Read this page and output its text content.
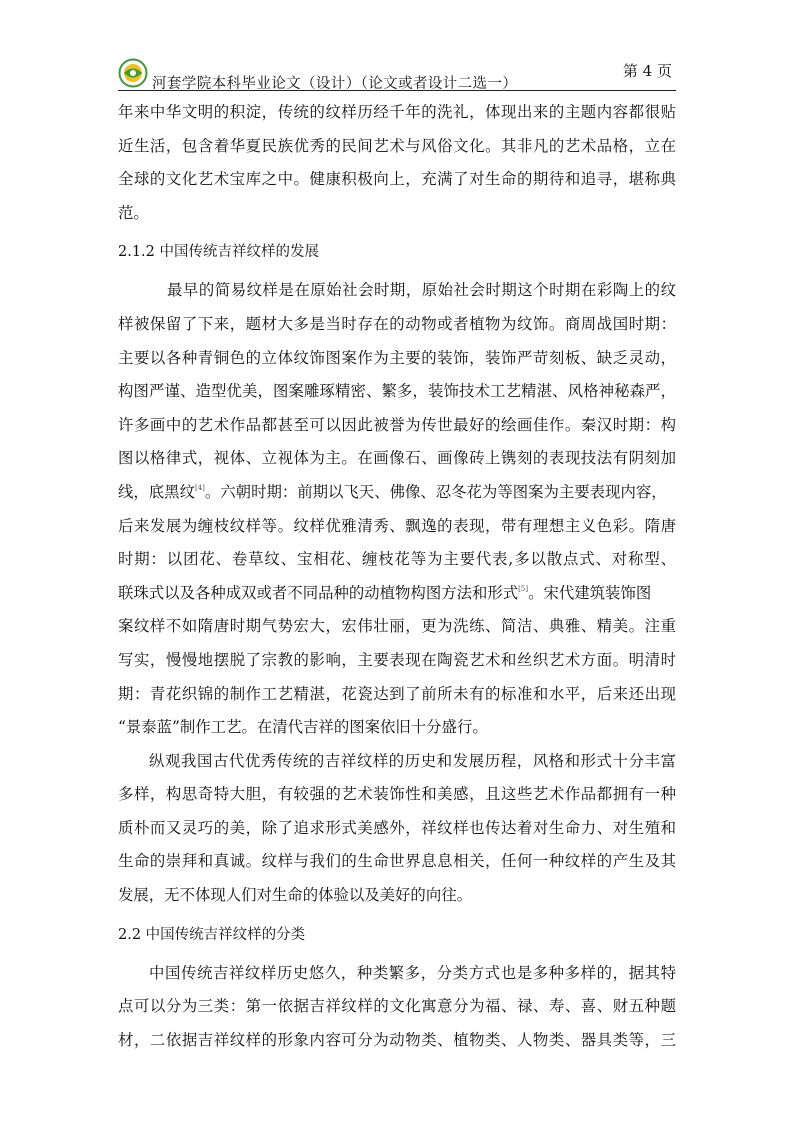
河套学院本科毕业论文（设计）（论文或者设计二选一）
第 4 页
年来中华文明的积淀，传统的纹样历经千年的洗礼，体现出来的主题内容都很贴
近生活，包含着华夏民族优秀的民间艺术与风俗文化。其非凡的艺术品格，立在
全球的文化艺术宝库之中。健康积极向上，充满了对生命的期待和追寻，堪称典
范。
2.1.2 中国传统吉祥纹样的发展
最早的简易纹样是在原始社会时期，原始社会时期这个时期在彩陶上的纹
样被保留了下来，题材大多是当时存在的动物或者植物为纹饰。商周战国时期：
主要以各种青铜色的立体纹饰图案作为主要的装饰，装饰严苛刻板、缺乏灵动，
构图严谨、造型优美，图案雕琢精密、繁多，装饰技术工艺精湛、风格神秘森严，
许多画中的艺术作品都甚至可以因此被誉为传世最好的绘画佳作。秦汉时期：构
图以格律式，视体、立视体为主。在画像石、画像砖上镌刻的表现技法有阴刻加
线，底黑纹[4]。六朝时期：前期以飞天、佛像、忍冬花为等图案为主要表现内容，
后来发展为缠枝纹样等。纹样优雅清秀、飘逸的表现，带有理想主义色彩。隋唐
时期：以团花、卷草纹、宝相花、缠枝花等为主要代表,多以散点式、对称型、
联珠式以及各种成双或者不同品种的动植物构图方法和形式[5]。宋代建筑装饰图
案纹样不如隋唐时期气势宏大，宏伟壮丽，更为洗练、简洁、典雅、精美。注重
写实，慢慢地摆脱了宗教的影响，主要表现在陶瓷艺术和丝织艺术方面。明清时
期：青花织锦的制作工艺精湛，花瓷达到了前所未有的标准和水平，后来还出现
“景泰蓝”制作工艺。在清代吉祥的图案依旧十分盛行。
纵观我国古代优秀传统的吉祥纹样的历史和发展历程，风格和形式十分丰富
多样，构思奇特大胆，有较强的艺术装饰性和美感，且这些艺术作品都拥有一种
质朴而又灵巧的美，除了追求形式美感外，祥纹样也传达着对生命力、对生殖和
生命的崇拜和真诚。纹样与我们的生命世界息息相关，任何一种纹样的产生及其
发展，无不体现人们对生命的体验以及美好的向往。
2.2 中国传统吉祥纹样的分类
中国传统吉祥纹样历史悠久，种类繁多，分类方式也是多种多样的，据其特
点可以分为三类：第一依据吉祥纹样的文化寓意分为福、禄、寿、喜、财五种题
材，二依据吉祥纹样的形象内容可分为动物类、植物类、人物类、器具类等，三
